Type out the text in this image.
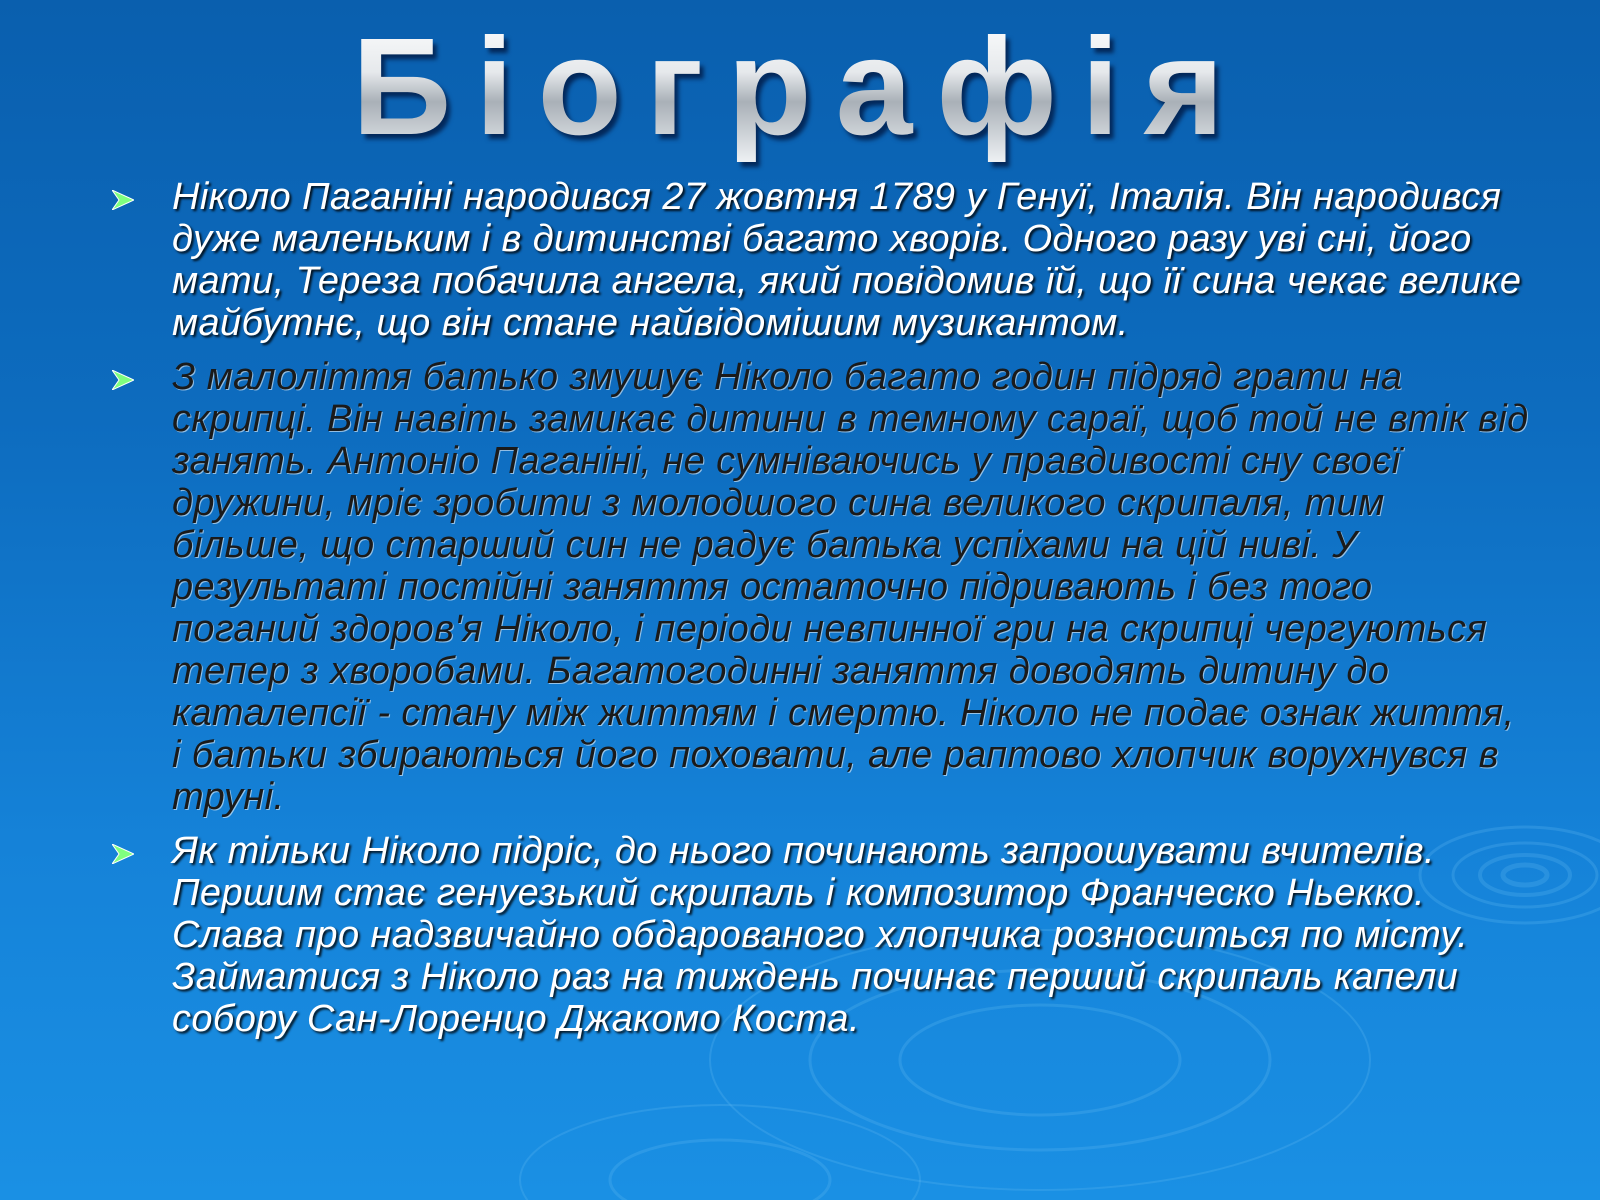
Біографія

Ніколо Паганіні народився 27 жовтня 1789 у Генуї, Італія. Він народився дуже маленьким і в дитинстві багато хворів. Одного разу уві сні, його мати, Тереза побачила ангела, який повідомив їй, що її сина чекає велике майбутнє, що він стане найвідомішим музикантом.

З малоліття батько змушує Ніколо багато годин підряд грати на скрипці. Він навіть замикає дитини в темному сараї, щоб той не втік від занять. Антоніо Паганіні, не сумніваючись у правдивості сну своєї дружини, мріє зробити з молодшого сина великого скрипаля, тим більше, що старший син не радує батька успіхами на цій ниві. У результаті постійні заняття остаточно підривають і без того поганий здоров'я Ніколо, і періоди невпинної гри на скрипці чергуються тепер з хворобами. Багатогодинні заняття доводять дитину до каталепсії - стану між життям і смертю. Ніколо не подає ознак життя, і батьки збираються його поховати, але раптово хлопчик ворухнувся в труні.

Як тільки Ніколо підріс, до нього починають запрошувати вчителів. Першим стає генуезький скрипаль і композитор Франческо Ньекко. Слава про надзвичайно обдарованого хлопчика розноситься по місту. Займатися з Ніколо раз на тиждень починає перший скрипаль капели собору Сан-Лоренцо Джакомо Коста.
